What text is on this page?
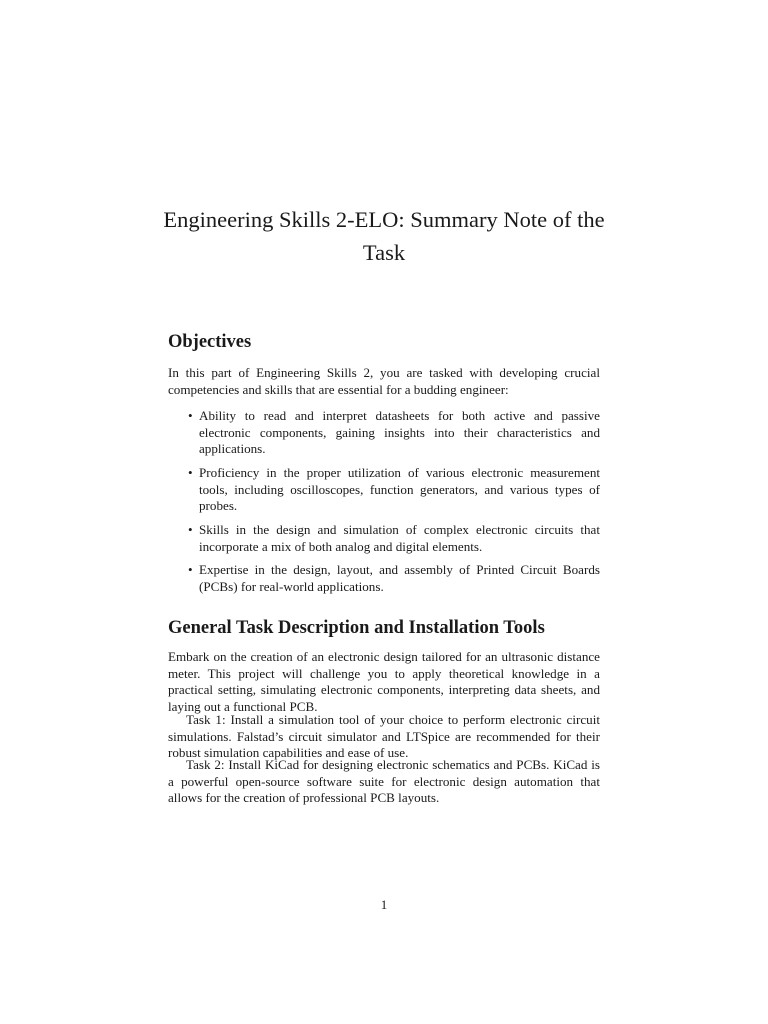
Engineering Skills 2-ELO: Summary Note of the Task
Objectives

In this part of Engineering Skills 2, you are tasked with developing crucial competencies and skills that are essential for a budding engineer:

• Ability to read and interpret datasheets for both active and passive electronic components, gaining insights into their characteristics and applications.
• Proficiency in the proper utilization of various electronic measurement tools, including oscilloscopes, function generators, and various types of probes.
• Skills in the design and simulation of complex electronic circuits that incorporate a mix of both analog and digital elements.
• Expertise in the design, layout, and assembly of Printed Circuit Boards (PCBs) for real-world applications.
General Task Description and Installation Tools

Embark on the creation of an electronic design tailored for an ultrasonic distance meter. This project will challenge you to apply theoretical knowledge in a practical setting, simulating electronic components, interpreting data sheets, and laying out a functional PCB.

Task 1: Install a simulation tool of your choice to perform electronic circuit simulations. Falstad’s circuit simulator and LTSpice are recommended for their robust simulation capabilities and ease of use.

Task 2: Install KiCad for designing electronic schematics and PCBs. KiCad is a powerful open-source software suite for electronic design automation that allows for the creation of professional PCB layouts.

1
